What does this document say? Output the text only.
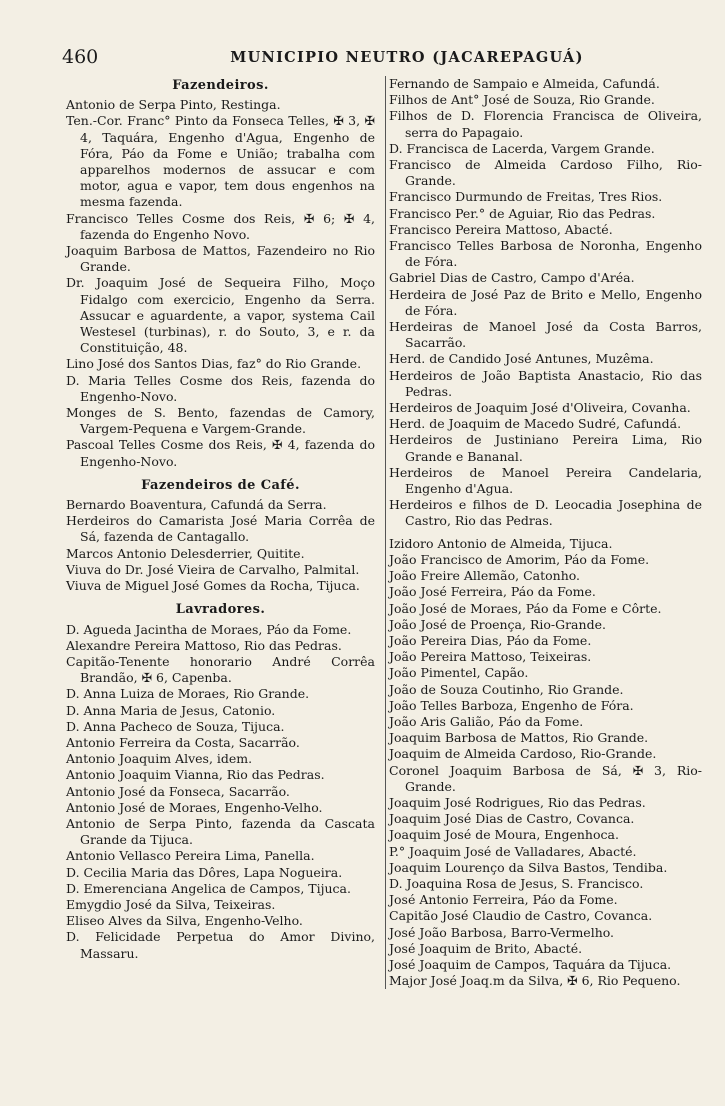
460	MUNICIPIO NEUTRO (JACAREPAGUÁ)
Fazendeiros.

Antonio de Serpa Pinto, Restinga.

Ten.-Cor. Franc° Pinto da Fonseca Telles, ✠ 3, ✠ 4, Taquára, Engenho d'Agua, Engenho de Fóra, Páo da Fome e União; trabalha com apparelhos modernos de assucar e com motor, agua e vapor, tem dous engenhos na mesma fazenda.

Francisco Telles Cosme dos Reis, ✠ 6; ✠ 4, fazenda do Engenho Novo.

Joaquim Barbosa de Mattos, Fazendeiro no Rio Grande.

Dr. Joaquim José de Sequeira Filho, Moço Fidalgo com exercicio, Engenho da Serra. Assucar e aguardente, a vapor, systema Cail Westesel (turbinas), r. do Souto, 3, e r. da Constituição, 48.

Lino José dos Santos Dias, faz° do Rio Grande.

D. Maria Telles Cosme dos Reis, fazenda do Engenho-Novo.

Monges de S. Bento, fazendas de Camory, Vargem-Pequena e Vargem-Grande.

Pascoal Telles Cosme dos Reis, ✠ 4, fazenda do Engenho-Novo.

Fazendeiros de Café.

Bernardo Boaventura, Cafundá da Serra.

Herdeiros do Camarista José Maria Corrêa de Sá, fazenda de Cantagallo.

Marcos Antonio Delesderrier, Quitite.

Viuva do Dr. José Vieira de Carvalho, Palmital.

Viuva de Miguel José Gomes da Rocha, Tijuca.

Lavradores.

D. Agueda Jacintha de Moraes, Páo da Fome.

Alexandre Pereira Mattoso, Rio das Pedras.

Capitão-Tenente honorario André Corrêa Brandão, ✠ 6, Capenba.

D. Anna Luiza de Moraes, Rio Grande.

D. Anna Maria de Jesus, Catonio.

D. Anna Pacheco de Souza, Tijuca.

Antonio Ferreira da Costa, Sacarrão.

Antonio Joaquim Alves, idem.

Antonio Joaquim Vianna, Rio das Pedras.

Antonio José da Fonseca, Sacarrão.

Antonio José de Moraes, Engenho-Velho.

Antonio de Serpa Pinto, fazenda da Cascata Grande da Tijuca.

Antonio Vellasco Pereira Lima, Panella.

D. Cecilia Maria das Dôres, Lapa Nogueira.

D. Emerenciana Angelica de Campos, Tijuca.

Emygdio José da Silva, Teixeiras.

Eliseo Alves da Silva, Engenho-Velho.

D. Felicidade Perpetua do Amor Divino, Massaru.

Fernando de Sampaio e Almeida, Cafundá.

Filhos de Ant° José de Souza, Rio Grande.

Filhos de D. Florencia Francisca de Oliveira, serra do Papagaio.

D. Francisca de Lacerda, Vargem Grande.

Francisco de Almeida Cardoso Filho, Rio-Grande.

Francisco Durmundo de Freitas, Tres Rios.

Francisco Per.° de Aguiar, Rio das Pedras.

Francisco Pereira Mattoso, Abacté.

Francisco Telles Barbosa de Noronha, Engenho de Fóra.

Gabriel Dias de Castro, Campo d'Aréa.

Herdeira de José Paz de Brito e Mello, Engenho de Fóra.

Herdeiras de Manoel José da Costa Barros, Sacarrão.

Herd. de Candido José Antunes, Muzêma.

Herdeiros de João Baptista Anastacio, Rio das Pedras.

Herdeiros de Joaquim José d'Oliveira, Covanha.

Herd. de Joaquim de Macedo Sudré, Cafundá.

Herdeiros de Justiniano Pereira Lima, Rio Grande e Bananal.

Herdeiros de Manoel Pereira Candelaria, Engenho d'Agua.

Herdeiros e filhos de D. Leocadia Josephina de Castro, Rio das Pedras.

Izidoro Antonio de Almeida, Tijuca.

João Francisco de Amorim, Páo da Fome.

João Freire Allemão, Catonho.

João José Ferreira, Páo da Fome.

João José de Moraes, Páo da Fome e Côrte.

João José de Proença, Rio-Grande.

João Pereira Dias, Páo da Fome.

João Pereira Mattoso, Teixeiras.

João Pimentel, Capão.

João de Souza Coutinho, Rio Grande.

João Telles Barboza, Engenho de Fóra.

João Aris Galião, Páo da Fome.

Joaquim Barbosa de Mattos, Rio Grande.

Joaquim de Almeida Cardoso, Rio-Grande.

Coronel Joaquim Barbosa de Sá, ✠ 3, Rio-Grande.

Joaquim José Rodrigues, Rio das Pedras.

Joaquim José Dias de Castro, Covanca.

Joaquim José de Moura, Engenhoca.

P.° Joaquim José de Valladares, Abacté.

Joaquim Lourenço da Silva Bastos, Tendiba.

D. Joaquina Rosa de Jesus, S. Francisco.

José Antonio Ferreira, Páo da Fome.

Capitão José Claudio de Castro, Covanca.

José João Barbosa, Barro-Vermelho.

José Joaquim de Brito, Abacté.

José Joaquim de Campos, Taquára da Tijuca.

Major José Joaq.m da Silva, ✠ 6, Rio Pequeno.
